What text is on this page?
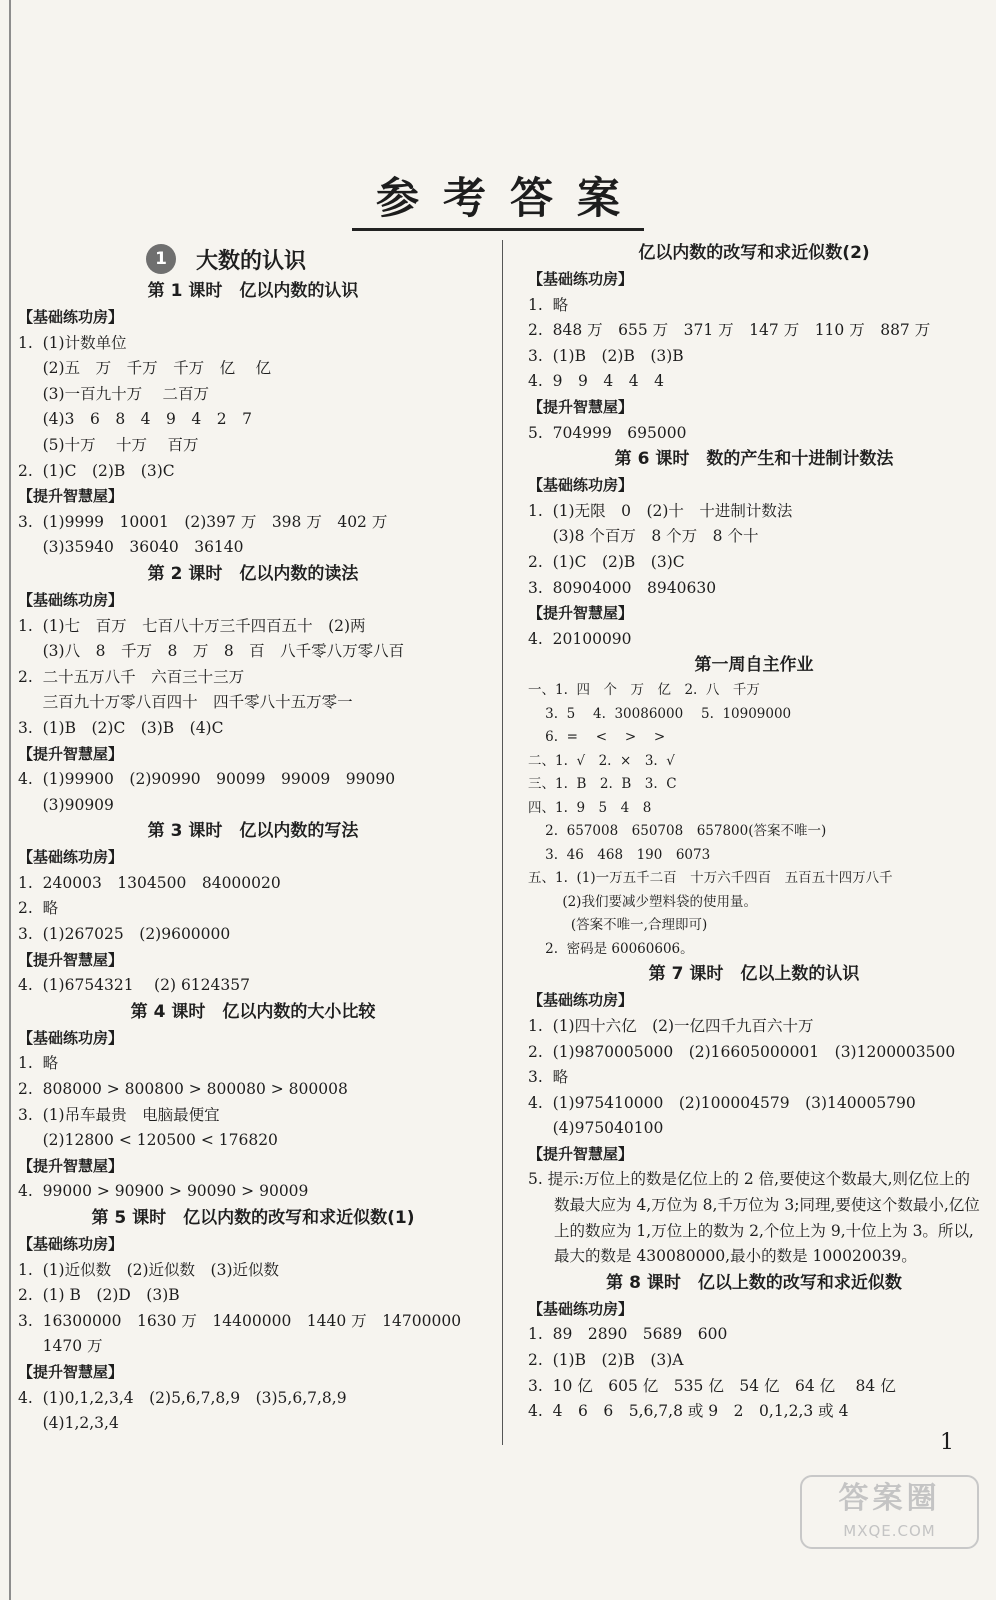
参考答案
1	大数的认识
第 1 课时　亿以内数的认识
【基础练功房】
1.  (1)计数单位
(2)五　万　千万　千万　亿　 亿
(3)一百九十万　 二百万
(4)3　6　8　4　9　4　2　7
(5)十万　 十万　 百万
2.  (1)C　(2)B　(3)C
【提升智慧屋】
3.  (1)9999　10001　(2)397 万　398 万　402 万
(3)35940　36040　36140
第 2 课时　亿以内数的读法
【基础练功房】
1.  (1)七　百万　七百八十万三千四百五十　(2)两
(3)八　8　千万　8　万　8　百　八千零八万零八百
2.  二十五万八千　六百三十三万
三百九十万零八百四十　四千零八十五万零一
3.  (1)B　(2)C　(3)B　(4)C
【提升智慧屋】
4.  (1)99900　(2)90990　90099　99009　99090
(3)90909
第 3 课时　亿以内数的写法
【基础练功房】
1.  240003　1304500　84000020
2.  略
3.  (1)267025　(2)9600000
【提升智慧屋】
4.  (1)6754321　 (2) 6124357
第 4 课时　亿以内数的大小比较
【基础练功房】
1.  略
2.  808000 > 800800 > 800080 > 800008
3.  (1)吊车最贵　电脑最便宜
(2)12800 < 120500 < 176820
【提升智慧屋】
4.  99000 > 90900 > 90090 > 90009
第 5 课时　亿以内数的改写和求近似数(1)
【基础练功房】
1.  (1)近似数　(2)近似数　(3)近似数
2.  (1) B　(2)D　(3)B
3.  16300000　1630 万　14400000　1440 万　14700000
1470 万
【提升智慧屋】
4.  (1)0,1,2,3,4　(2)5,6,7,8,9　(3)5,6,7,8,9
(4)1,2,3,4
亿以内数的改写和求近似数(2)
【基础练功房】
1.  略
2.  848 万　655 万　371 万　147 万　110 万　887 万
3.  (1)B　(2)B　(3)B
4.  9　9　4　4　4
【提升智慧屋】
5.  704999　695000
第 6 课时　数的产生和十进制计数法
【基础练功房】
1.  (1)无限　0　(2)十　十进制计数法
(3)8 个百万　8 个万　8 个十
2.  (1)C　(2)B　(3)C
3.  80904000　8940630
【提升智慧屋】
4.  20100090
第一周自主作业
一、1.  四　个　万　亿　2.  八　千万
3.  5　 4.  30086000　 5.  10909000
6.  =　 <　 >　 >
二、1.  √　2.  ×　3.  √
三、1.  B　2.  B　3.  C
四、1.  9　5　4　8
2.  657008　650708　657800(答案不唯一)
3.  46　468　190　6073
五、1.  (1)一万五千二百　十万六千四百　五百五十四万八千
(2)我们要减少塑料袋的使用量。
(答案不唯一,合理即可)
2.  密码是 60060606。
第 7 课时　亿以上数的认识
【基础练功房】
1.  (1)四十六亿　(2)一亿四千九百六十万
2.  (1)9870005000　(2)16605000001　(3)1200003500
3.  略
4.  (1)975410000　(2)100004579　(3)140005790
(4)975040100
【提升智慧屋】
5. 提示:万位上的数是亿位上的 2 倍,要使这个数最大,则亿位上的数最大应为 4,万位为 8,千万位为 3;同理,要使这个数最小,亿位上的数应为 1,万位上的数为 2,个位上为 9,十位上为 3。所以,最大的数是 430080000,最小的数是 100020039。
第 8 课时　亿以上数的改写和求近似数
【基础练功房】
1.  89　2890　5689　600
2.  (1)B　(2)B　(3)A
3.  10 亿　605 亿　535 亿　54 亿　64 亿　 84 亿
4.  4　6　6　5,6,7,8 或 9　2　0,1,2,3 或 4
1
答案圈
MXQE.COM
